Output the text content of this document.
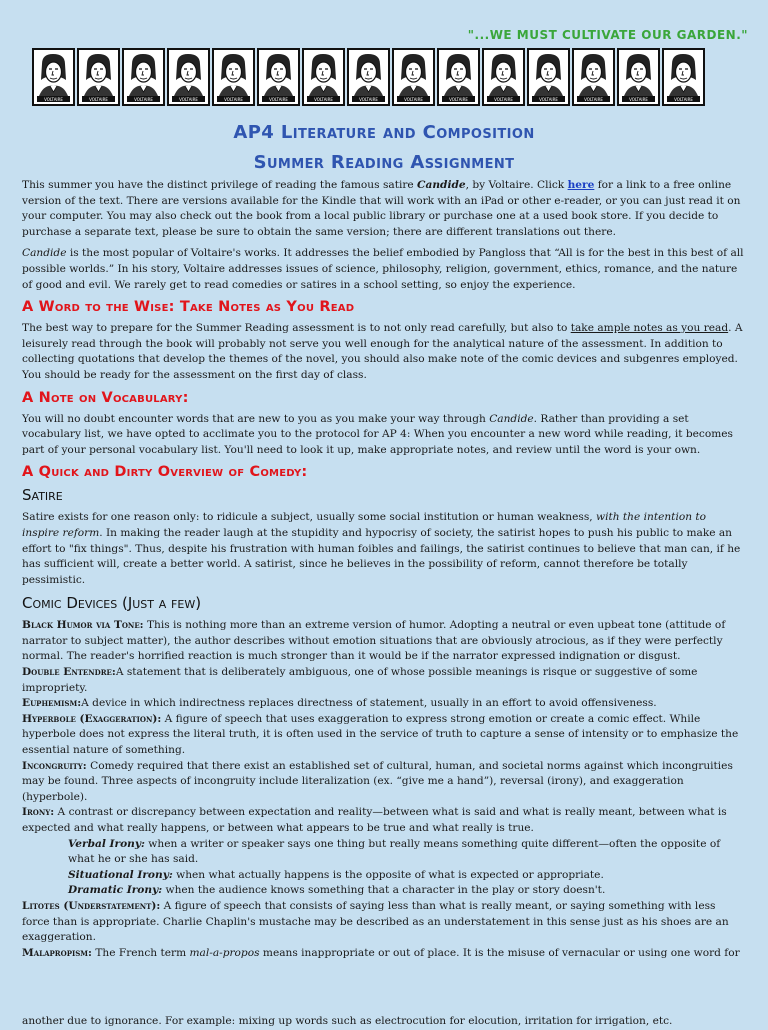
"...WE MUST CULTIVATE OUR GARDEN."
VOLTAIRE	VOLTAIRE	VOLTAIRE	VOLTAIRE	VOLTAIRE	VOLTAIRE	VOLTAIRE	VOLTAIRE	VOLTAIRE	VOLTAIRE	VOLTAIRE	VOLTAIRE	VOLTAIRE	VOLTAIRE	VOLTAIRE
AP4 Literature and Composition
Summer Reading Assignment

This summer you have the distinct privilege of reading the famous satire Candide, by Voltaire. Click here for a link to a free online version of the text. There are versions available for the Kindle that will work with an iPad or other e-reader, or you can just read it on your computer. You may also check out the book from a local public library or purchase one at a used book store. If you decide to purchase a separate text, please be sure to obtain the same version; there are different translations out there.

Candide is the most popular of Voltaire's works. It addresses the belief embodied by Pangloss that “All is for the best in this best of all possible worlds.” In his story, Voltaire addresses issues of science, philosophy, religion, government, ethics, romance, and the nature of good and evil. We rarely get to read comedies or satires in a school setting, so enjoy the experience.

A Word to the Wise: Take Notes as You Read

The best way to prepare for the Summer Reading assessment is to not only read carefully, but also to take ample notes as you read. A leisurely read through the book will probably not serve you well enough for the analytical nature of the assessment. In addition to collecting quotations that develop the themes of the novel, you should also make note of the comic devices and subgenres employed. You should be ready for the assessment on the first day of class.

A Note on Vocabulary:

You will no doubt encounter words that are new to you as you make your way through Candide. Rather than providing a set vocabulary list, we have opted to acclimate you to the protocol for AP 4: When you encounter a new word while reading, it becomes part of your personal vocabulary list. You'll need to look it up, make appropriate notes, and review until the word is your own.

A Quick and Dirty Overview of Comedy:
Satire

Satire exists for one reason only: to ridicule a subject, usually some social institution or human weakness, with the intention to inspire reform. In making the reader laugh at the stupidity and hypocrisy of society, the satirist hopes to push his public to make an effort to "fix things". Thus, despite his frustration with human foibles and failings, the satirist continues to believe that man can, if he has sufficient will, create a better world. A satirist, since he believes in the possibility of reform, cannot therefore be totally pessimistic.

Comic Devices (Just a few)

Black Humor via Tone: This is nothing more than an extreme version of humor. Adopting a neutral or even upbeat tone (attitude of narrator to subject matter), the author describes without emotion situations that are obviously atrocious, as if they were perfectly normal. The reader's horrified reaction is much stronger than it would be if the narrator expressed indignation or disgust.

Double Entendre:A statement that is deliberately ambiguous, one of whose possible meanings is risque or suggestive of some impropriety.

Euphemism:A device in which indirectness replaces directness of statement, usually in an effort to avoid offensiveness.

Hyperbole (Exaggeration): A figure of speech that uses exaggeration to express strong emotion or create a comic effect. While hyperbole does not express the literal truth, it is often used in the service of truth to capture a sense of intensity or to emphasize the essential nature of something.

Incongruity: Comedy required that there exist an established set of cultural, human, and societal norms against which incongruities may be found. Three aspects of incongruity include literalization (ex. “give me a hand”), reversal (irony), and exaggeration (hyperbole).

Irony: A contrast or discrepancy between expectation and reality—between what is said and what is really meant, between what is expected and what really happens, or between what appears to be true and what really is true.

Verbal Irony: when a writer or speaker says one thing but really means something quite different—often the opposite of what he or she has said.

Situational Irony: when what actually happens is the opposite of what is expected or appropriate.

Dramatic Irony: when the audience knows something that a character in the play or story doesn't.

Litotes (Understatement): A figure of speech that consists of saying less than what is really meant, or saying something with less force than is appropriate. Charlie Chaplin's mustache may be described as an understatement in this sense just as his shoes are an exaggeration.

Malapropism: The French term mal-a-propos means inappropriate or out of place. It is the misuse of vernacular or using one word for

another due to ignorance. For example: mixing up words such as electrocution for elocution, irritation for irrigation, etc.
